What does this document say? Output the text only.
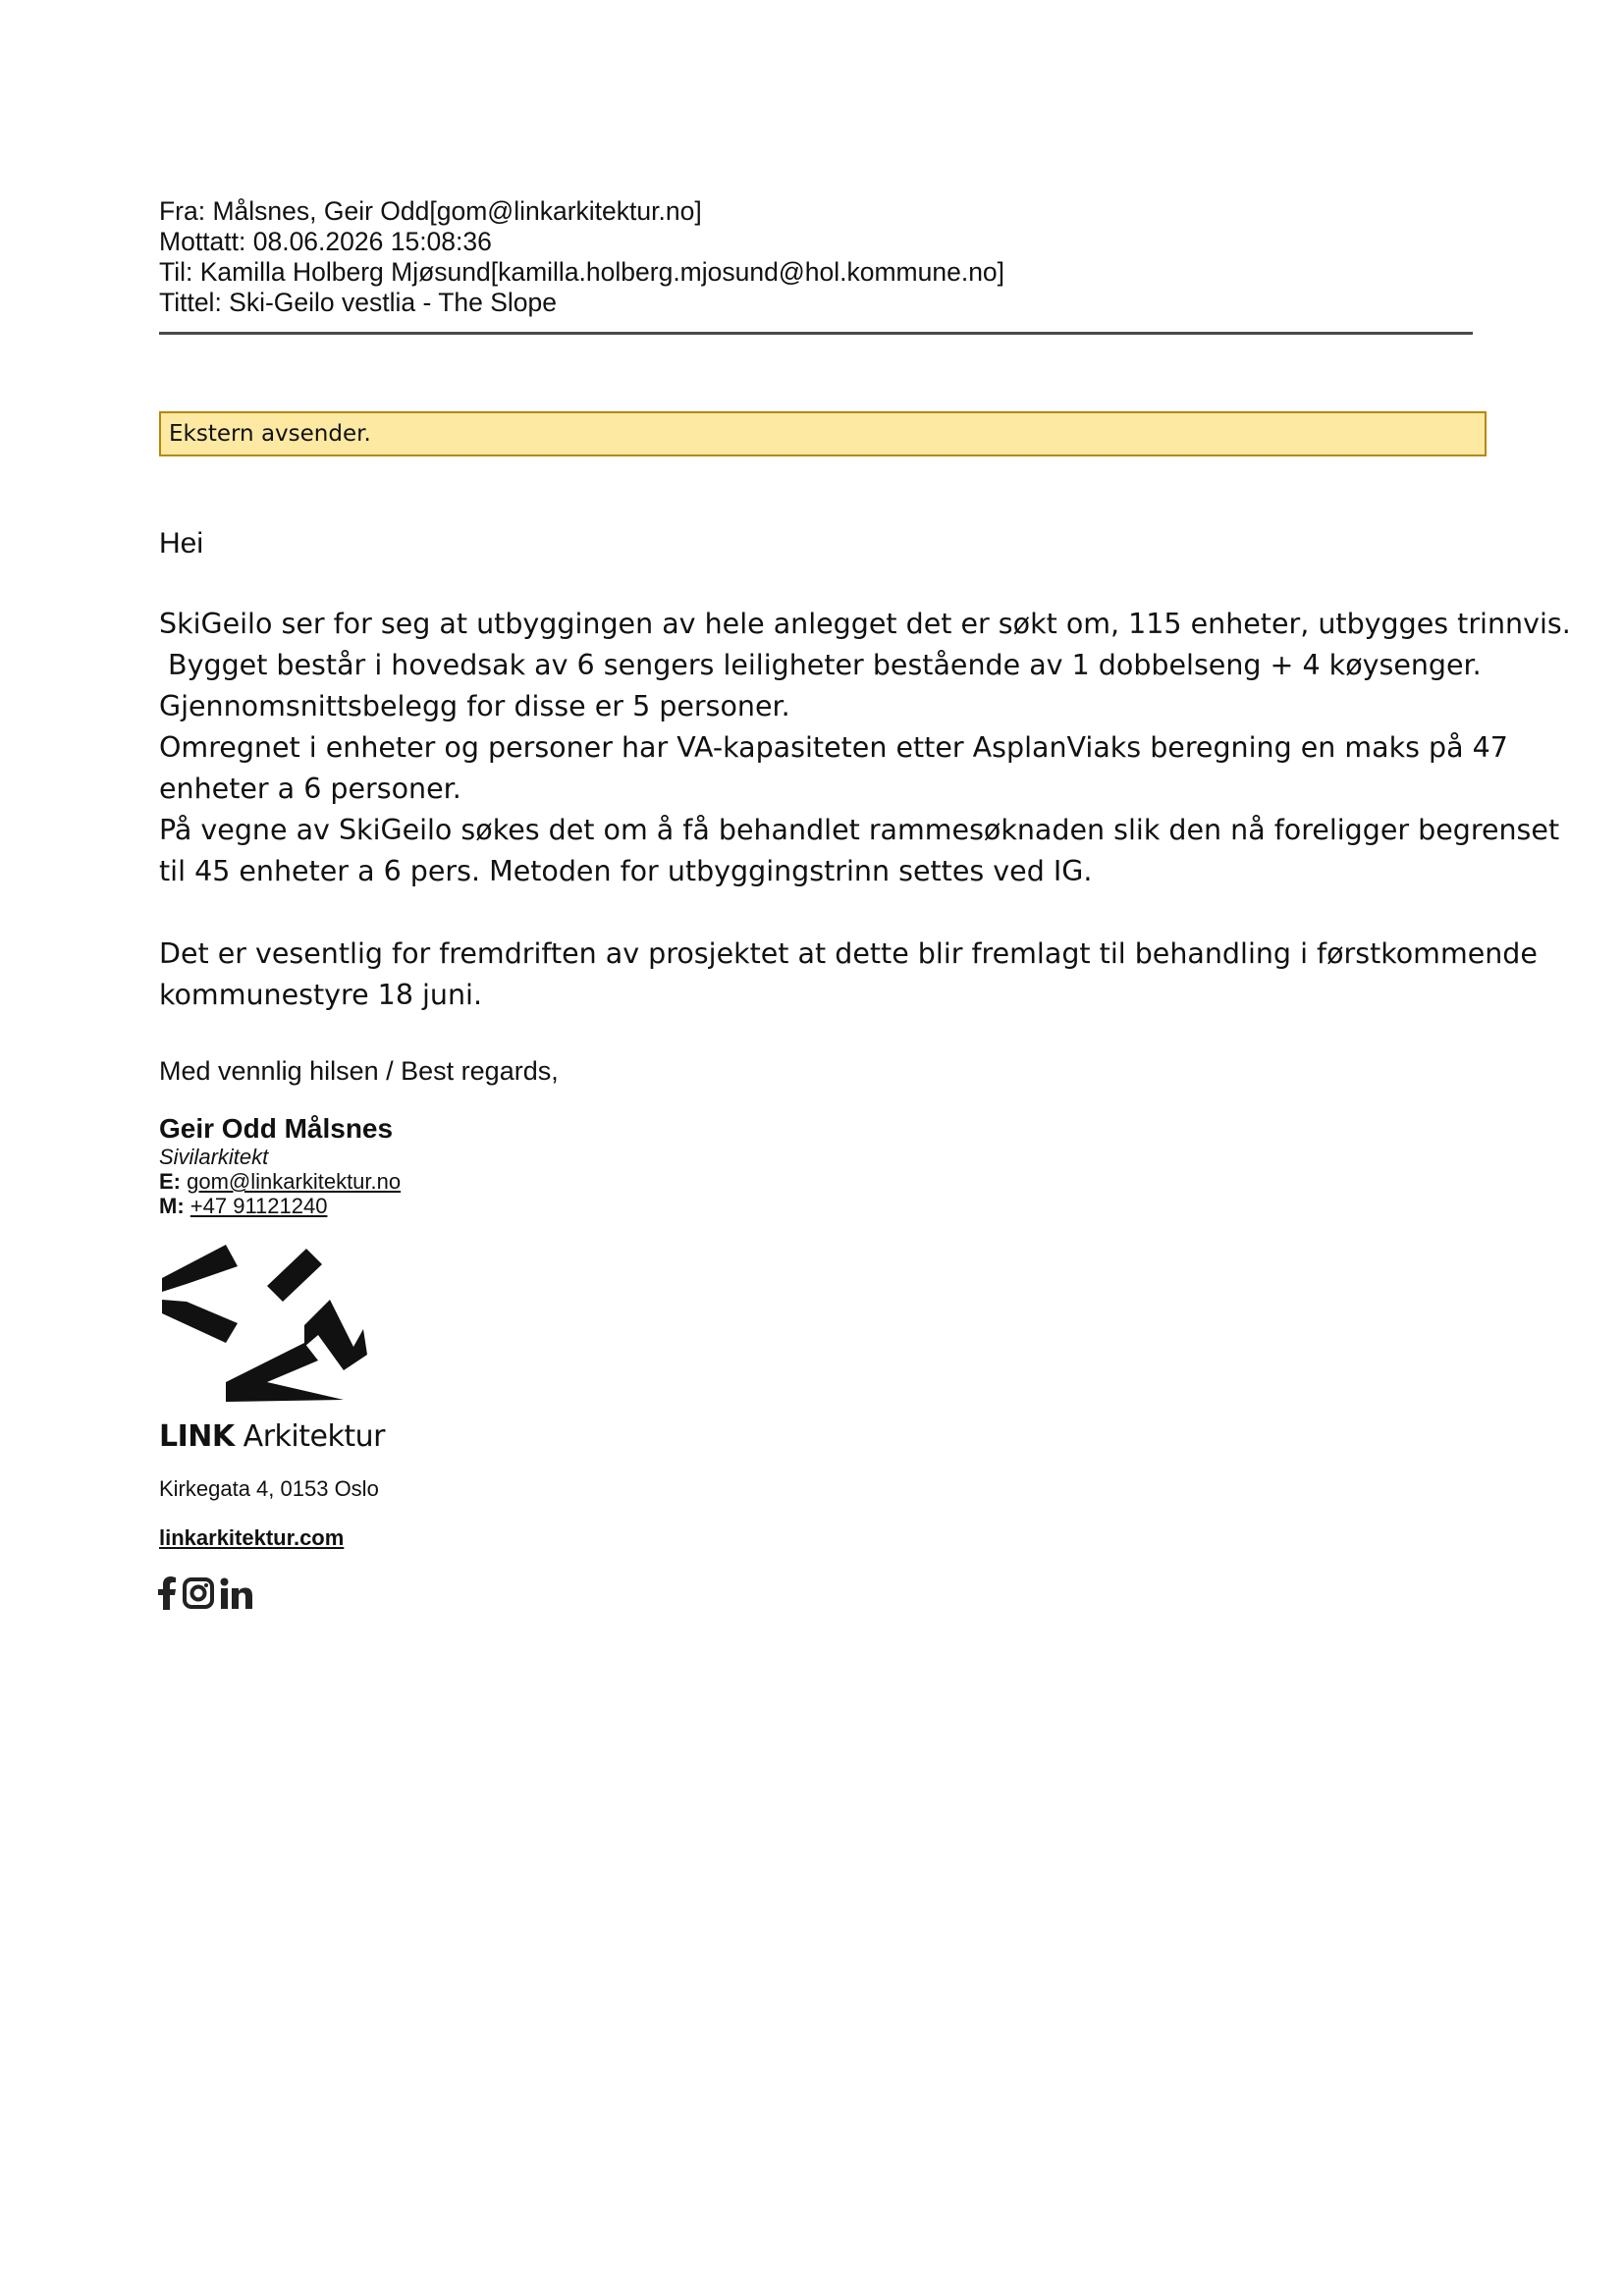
Fra: Målsnes, Geir Odd[gom@linkarkitektur.no]
Mottatt: 08.06.2026 15:08:36
Til: Kamilla Holberg Mjøsund[kamilla.holberg.mjosund@hol.kommune.no]
Tittel: Ski-Geilo vestlia - The Slope
Ekstern avsender.
Hei

SkiGeilo ser for seg at utbyggingen av hele anlegget det er søkt om, 115 enheter, utbygges trinnvis.

Bygget består i hovedsak av 6 sengers leiligheter bestående av 1 dobbelseng + 4 køysenger.

Gjennomsnittsbelegg for disse er 5 personer.

Omregnet i enheter og personer har VA-kapasiteten etter AsplanViaks beregning en maks på 47

enheter a 6 personer.

På vegne av SkiGeilo søkes det om å få behandlet rammesøknaden slik den nå foreligger begrenset

til 45 enheter a 6 pers. Metoden for utbyggingstrinn settes ved IG.

Det er vesentlig for fremdriften av prosjektet at dette blir fremlagt til behandling i førstkommende

kommunestyre 18 juni.

Med vennlig hilsen / Best regards,
Geir Odd Målsnes
Sivilarkitekt
E: gom@linkarkitektur.no
M: +47 91121240
LINK Arkitektur
Kirkegata 4, 0153 Oslo
linkarkitektur.com
